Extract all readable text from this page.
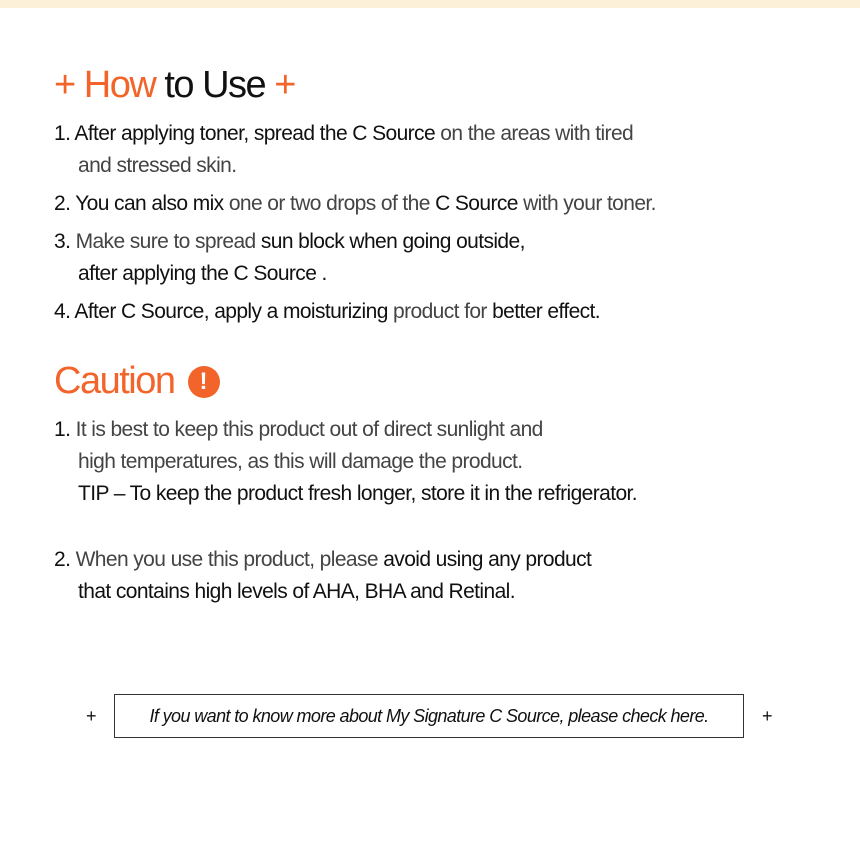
+ How to Use +
1. After applying toner, spread the C Source on the areas with tired
and stressed skin.
2. You can also mix one or two drops of the C Source with your toner.
3. Make sure to spread sun block when going outside,
after applying the C Source .
4. After C Source, apply a moisturizing product for better effect.
Caution !
1. It is best to keep this product out of direct sunlight and
high temperatures, as this will damage the product.
TIP – To keep the product fresh longer, store it in the refrigerator.
2. When you use this product, please avoid using any product
that contains high levels of AHA, BHA and Retinal.
+	If you want to know more about My Signature C Source, please check here.	+
